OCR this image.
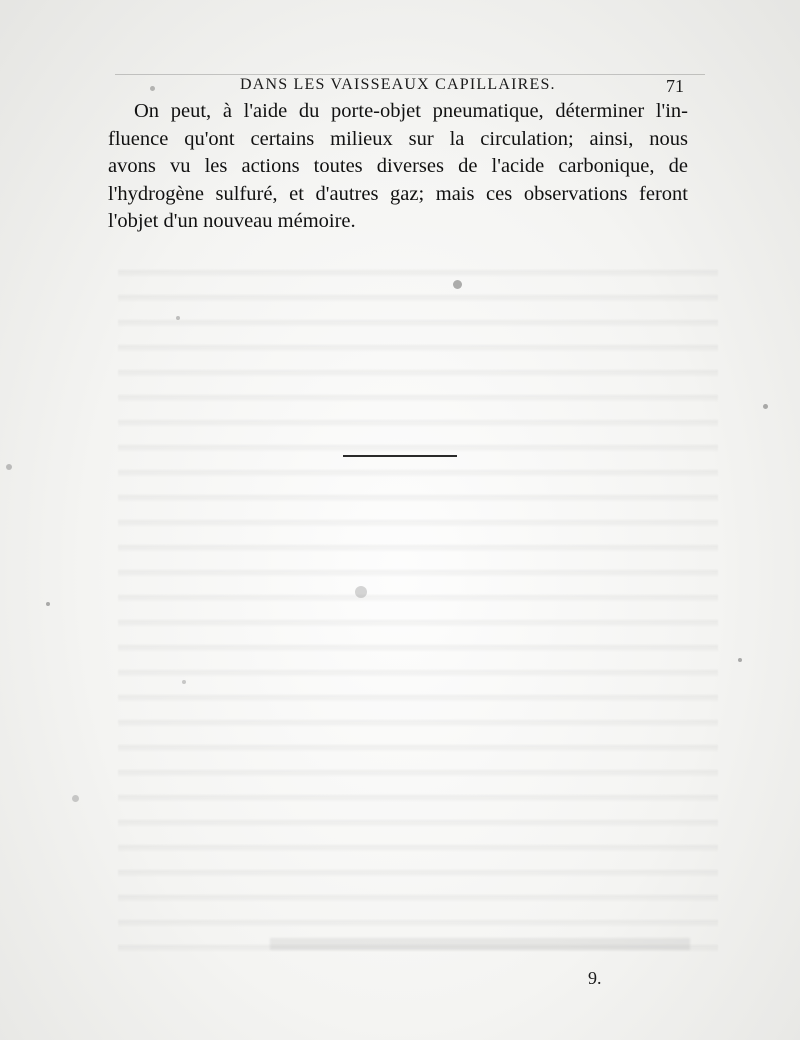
DANS LES VAISSEAUX CAPILLAIRES.	71
On peut, à l'aide du porte-objet pneumatique, déterminer l'in-
fluence qu'ont certains milieux sur la circulation; ainsi, nous
avons vu les actions toutes diverses de l'acide carbonique, de
l'hydrogène sulfuré, et d'autres gaz; mais ces observations feront
l'objet d'un nouveau mémoire.
9.
